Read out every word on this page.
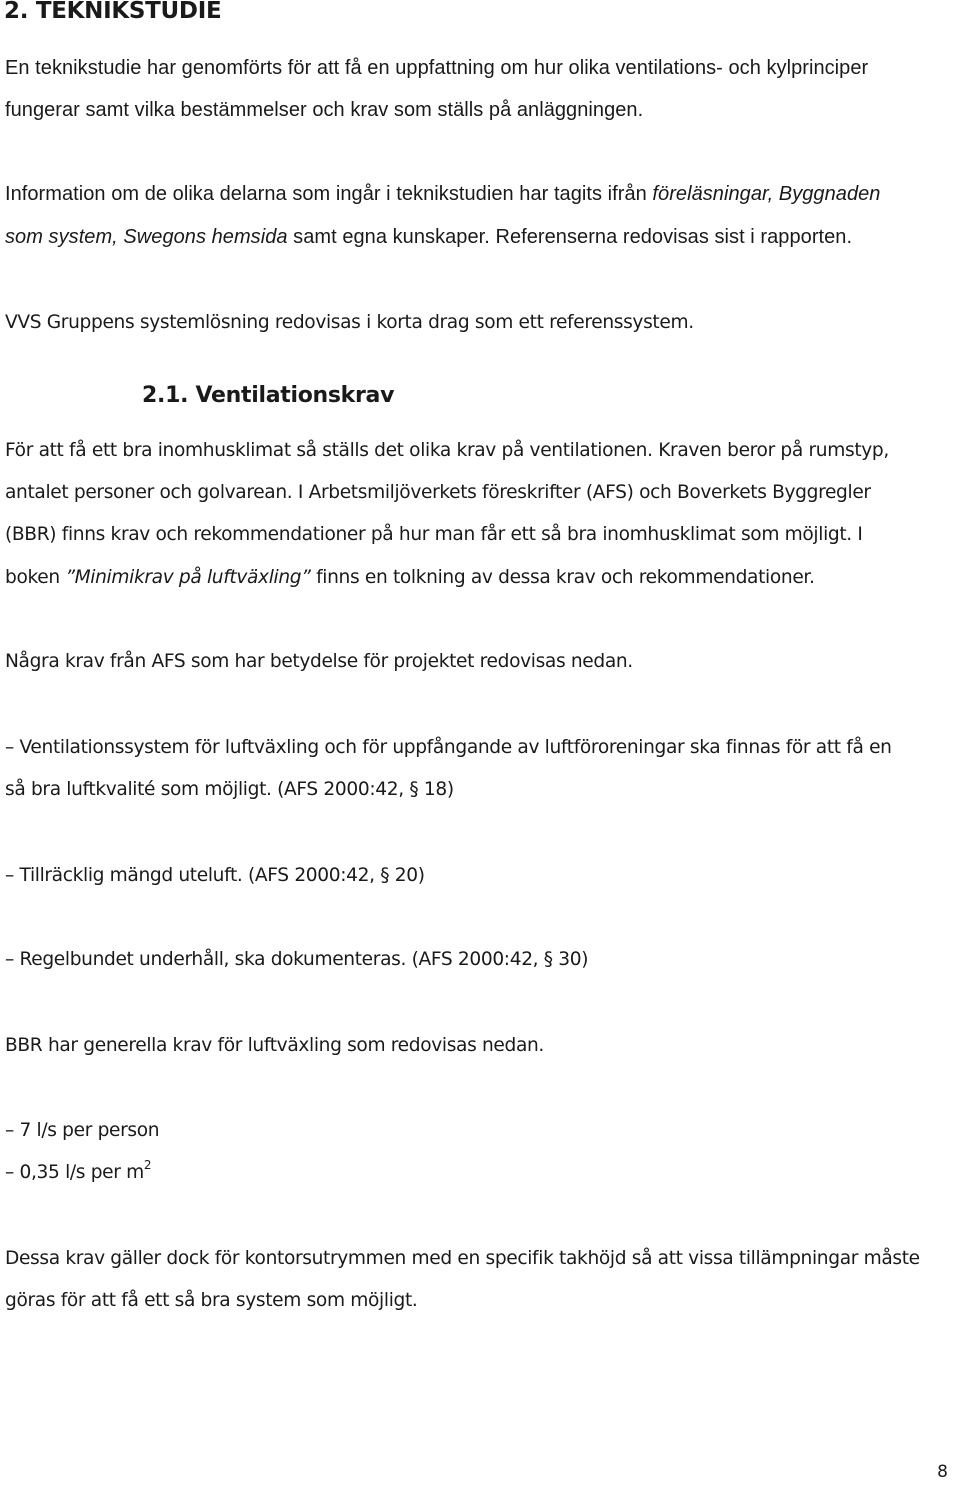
2. TEKNIKSTUDIE
En teknikstudie har genomförts för att få en uppfattning om hur olika ventilations- och kylprinciper
fungerar samt vilka bestämmelser och krav som ställs på anläggningen.
Information om de olika delarna som ingår i teknikstudien har tagits ifrån föreläsningar, Byggnaden
som system, Swegons hemsida samt egna kunskaper. Referenserna redovisas sist i rapporten.
VVS Gruppens systemlösning redovisas i korta drag som ett referenssystem.
2.1. Ventilationskrav
För att få ett bra inomhusklimat så ställs det olika krav på ventilationen. Kraven beror på rumstyp,
antalet personer och golvarean. I Arbetsmiljöverkets föreskrifter (AFS) och Boverkets Byggregler
(BBR) finns krav och rekommendationer på hur man får ett så bra inomhusklimat som möjligt. I
boken ”Minimikrav på luftväxling” finns en tolkning av dessa krav och rekommendationer.
Några krav från AFS som har betydelse för projektet redovisas nedan.
– Ventilationssystem för luftväxling och för uppfångande av luftföroreningar ska finnas för att få en
så bra luftkvalité som möjligt. (AFS 2000:42, § 18)
– Tillräcklig mängd uteluft. (AFS 2000:42, § 20)
– Regelbundet underhåll, ska dokumenteras. (AFS 2000:42, § 30)
BBR har generella krav för luftväxling som redovisas nedan.
– 7 l/s per person
– 0,35 l/s per $m^2$
Dessa krav gäller dock för kontorsutrymmen med en specifik takhöjd så att vissa tillämpningar måste
göras för att få ett så bra system som möjligt.
8
